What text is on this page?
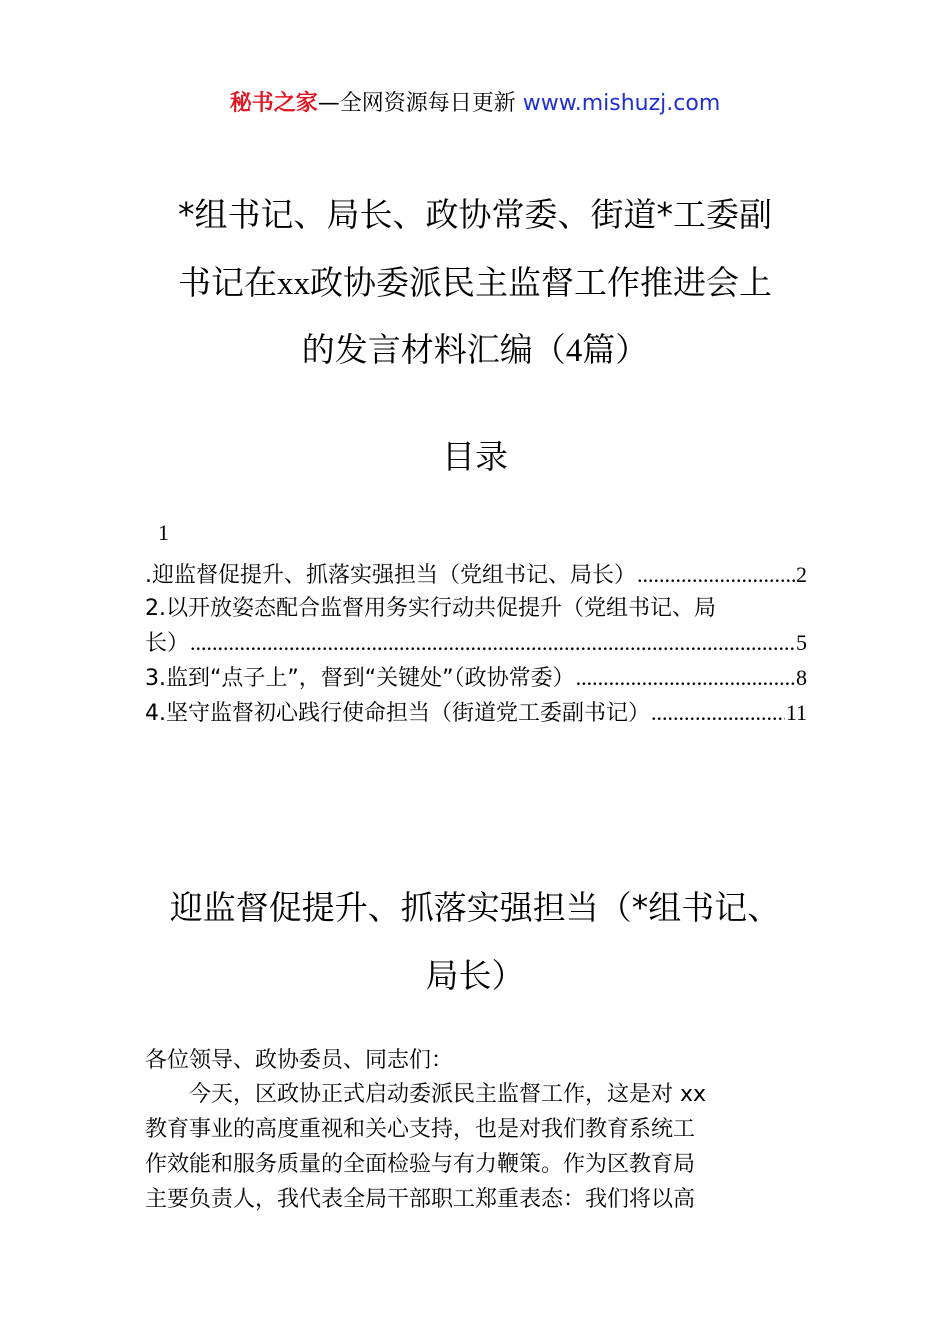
秘书之家—全网资源每日更新 www.mishuzj.com
*组书记、局长、政协常委、街道*工委副
书记在xx政协委派民主监督工作推进会上
的发言材料汇编（4篇）
目录
1
.迎监督促提升、抓落实强担当（党组书记、局长） .....	2
2.以开放姿态配合监督用务实行动共促提升（党组书记、局
长） .....	5
3.监到“点子上”，督到“关键处”（政协常委） .....	8
4.坚守监督初心践行使命担当（街道党工委副书记） .....	11
迎监督促提升、抓落实强担当（*组书记、
局长）
各位领导、政协委员、同志们：
　　今天，区政协正式启动委派民主监督工作，这是对 xx
教育事业的高度重视和关心支持，也是对我们教育系统工
作效能和服务质量的全面检验与有力鞭策。作为区教育局
主要负责人，我代表全局干部职工郑重表态：我们将以高
